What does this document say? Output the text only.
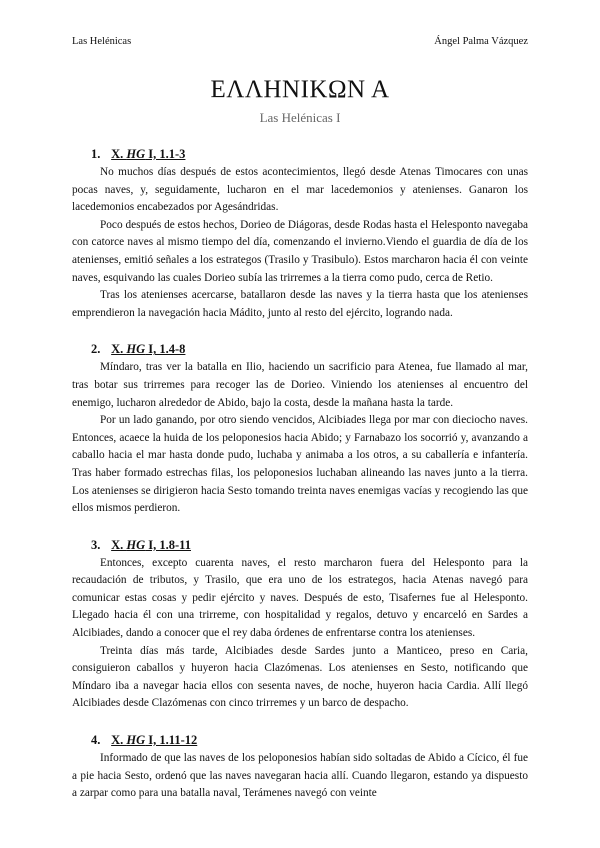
Las Helénicas	Ángel Palma Vázquez
ΕΛΛΗΝΙΚΩΝ Α
Las Helénicas I
1. X. HG I, 1.1-3

No muchos días después de estos acontecimientos, llegó desde Atenas Timocares con unas pocas naves, y, seguidamente, lucharon en el mar lacedemonios y atenienses. Ganaron los lacedemonios encabezados por Agesándridas.

Poco después de estos hechos, Dorieo de Diágoras, desde Rodas hasta el Helesponto navegaba con catorce naves al mismo tiempo del día, comenzando el invierno.Viendo el guardia de día de los atenienses, emitió señales a los estrategos (Trasilo y Trasibulo). Estos marcharon hacia él con veinte naves, esquivando las cuales Dorieo subía las trirremes a la tierra como pudo, cerca de Retio.

Tras los atenienses acercarse, batallaron desde las naves y la tierra hasta que los atenienses emprendieron la navegación hacia Mádito, junto al resto del ejército, logrando nada.

2. X. HG I, 1.4-8

Míndaro, tras ver la batalla en Ilio, haciendo un sacrificio para Atenea, fue llamado al mar, tras botar sus trirremes para recoger las de Dorieo. Viniendo los atenienses al encuentro del enemigo, lucharon alrededor de Abido, bajo la costa, desde la mañana hasta la tarde.

Por un lado ganando, por otro siendo vencidos, Alcibiades llega por mar con dieciocho naves. Entonces, acaece la huida de los peloponesios hacia Abido; y Farnabazo los socorrió y, avanzando a caballo hacia el mar hasta donde pudo, luchaba y animaba a los otros, a su caballería e infantería. Tras haber formado estrechas filas, los peloponesios luchaban alineando las naves junto a la tierra. Los atenienses se dirigieron hacia Sesto tomando treinta naves enemigas vacías y recogiendo las que ellos mismos perdieron.

3. X. HG I, 1.8-11

Entonces, excepto cuarenta naves, el resto marcharon fuera del Helesponto para la recaudación de tributos, y Trasilo, que era uno de los estrategos, hacia Atenas navegó para comunicar estas cosas y pedir ejército y naves. Después de esto, Tisafernes fue al Helesponto. Llegado hacia él con una trirreme, con hospitalidad y regalos, detuvo y encarceló en Sardes a Alcibiades, dando a conocer que el rey daba órdenes de enfrentarse contra los atenienses.

Treinta días más tarde, Alcibiades desde Sardes junto a Manticeo, preso en Caria, consiguieron caballos y huyeron hacia Clazómenas. Los atenienses en Sesto, notificando que Míndaro iba a navegar hacia ellos con sesenta naves, de noche, huyeron hacia Cardia. Allí llegó Alcibiades desde Clazómenas con cinco trirremes y un barco de despacho.

4. X. HG I, 1.11-12

Informado de que las naves de los peloponesios habían sido soltadas de Abido a Cícico, él fue a pie hacia Sesto, ordenó que las naves navegaran hacia allí. Cuando llegaron, estando ya dispuesto a zarpar como para una batalla naval, Terámenes navegó con veinte
